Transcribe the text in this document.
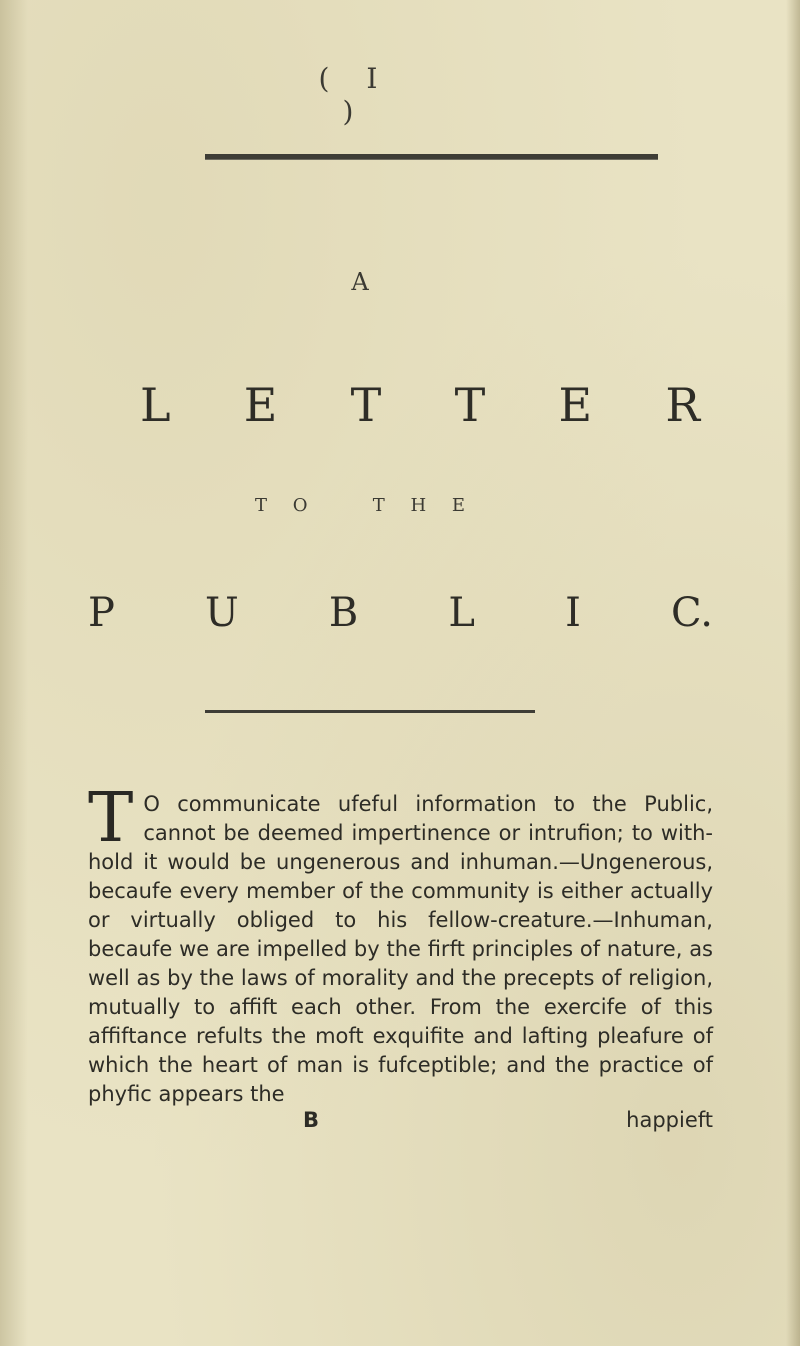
( I )
A
L E T T E R
T O	T H E
P U B L I C.
T O communicate ufeful information to the Public, cannot be deemed impertinence or intrufion; to with-hold it would be ungenerous and inhuman.—Ungenerous, becaufe every member of the community is either actually or virtually obliged to his fellow-creature.—Inhuman, becaufe we are impelled by the firft principles of nature, as well as by the laws of morality and the precepts of religion, mutually to affift each other. From the exercife of this affiftance refults the moft exquifite and lafting pleafure of which the heart of man is fufceptible; and the practice of phyfic appears the

B	happieft
